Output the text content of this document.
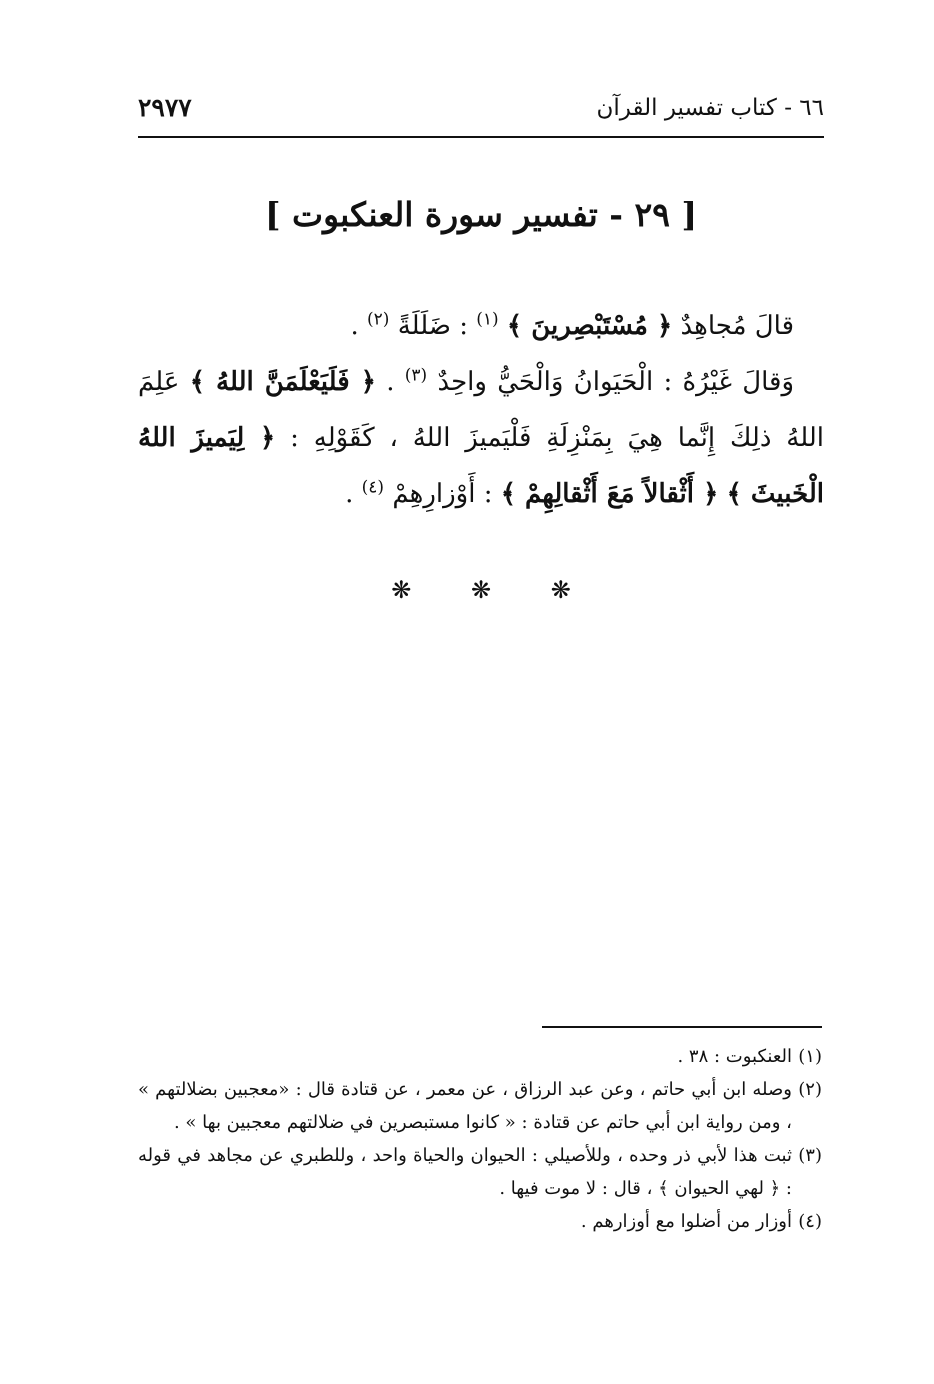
٦٦ - كتاب تفسير القرآن
٢٩٧٧
[ ٢٩ - تفسير سورة العنكبوت ]

قالَ مُجاهِدٌ ﴿ مُسْتَبْصِرينَ ﴾ $^{(١)}$ : ضَلَلَةً $^{(٢)}$ .

وَقالَ غَيْرُهُ : الْحَيَوانُ وَالْحَيُّ واحِدٌ $^{(٣)}$ . ﴿ فَلَيَعْلَمَنَّ اللهُ ﴾ عَلِمَ اللهُ ذلِكَ إِنَّما هِيَ بِمَنْزِلَةِ فَلْيَميزَ اللهُ ، كَقَوْلِهِ : ﴿ لِيَميزَ اللهُ الْخَبيثَ ﴾ ﴿ أَثْقالاً مَعَ أَثْقالِهِمْ ﴾ : أَوْزارِهِمْ $^{(٤)}$ .

❋ ❋ ❋

(١)
العنكبوت : ٣٨ .

(٢)
وصله ابن أبي حاتم ، وعن عبد الرزاق ، عن معمر ، عن قتادة قال : «معجبين بضلالتهم » ، ومن رواية ابن أبي حاتم عن قتادة : « كانوا مستبصرين في ضلالتهم معجبين بها » .

(٣)
ثبت هذا لأبي ذر وحده ، وللأصيلي : الحيوان والحياة واحد ، وللطبري عن مجاهد في قوله : ﴿ لهي الحيوان ﴾ ، قال : لا موت فيها .

(٤)
أوزار من أضلوا مع أوزارهم .
